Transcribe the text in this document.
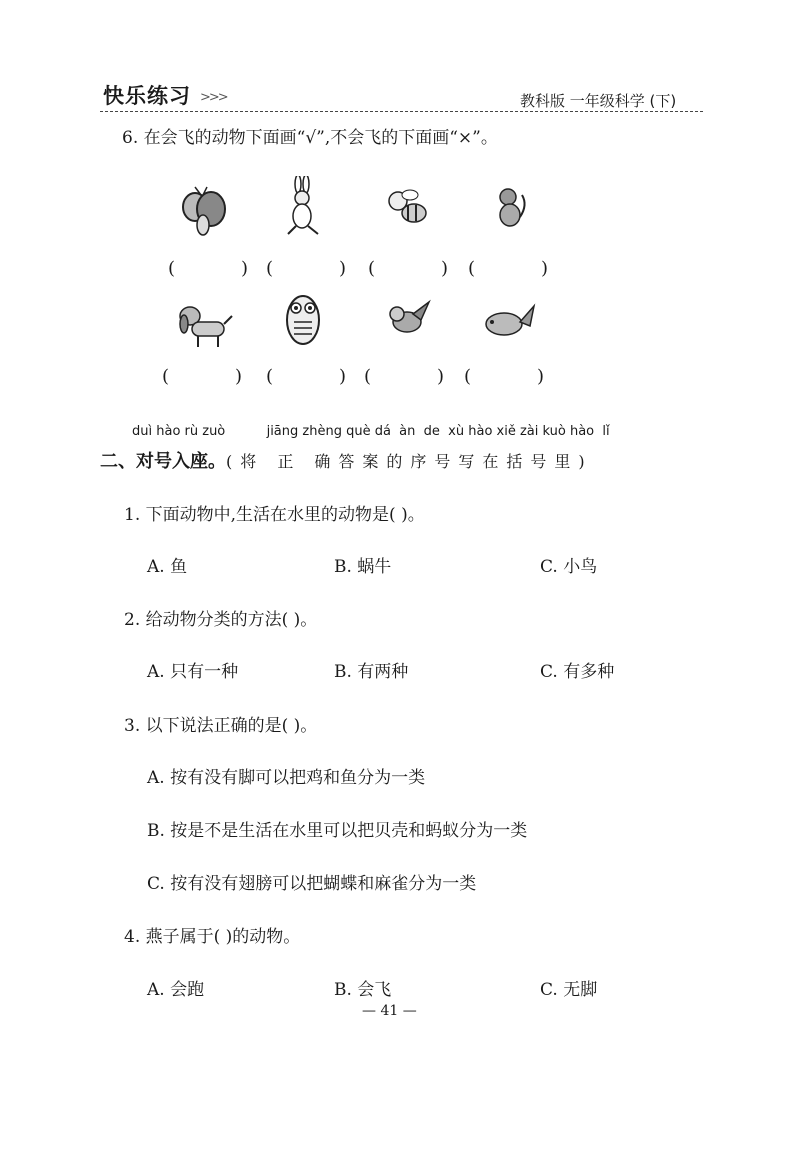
快乐练习 >>>	教科版 一年级科学 (下)
6. 在会飞的动物下面画“√”,不会飞的下面画“×”。
(	) (	) (	) (	)
(	) (	) (	) (	)
duì hào rù zuò          jiāng zhèng què dá  àn  de  xù hào xiě zài kuò hào  lǐ
二、对号入座。(将 正 确答案的序号写在括号里)
1. 下面动物中,生活在水里的动物是( )。
A. 鱼	B. 蜗牛	C. 小鸟
2. 给动物分类的方法( )。
A. 只有一种	B. 有两种	C. 有多种
3. 以下说法正确的是( )。
A. 按有没有脚可以把鸡和鱼分为一类
B. 按是不是生活在水里可以把贝壳和蚂蚁分为一类
C. 按有没有翅膀可以把蝴蝶和麻雀分为一类
4. 燕子属于( )的动物。
A. 会跑	B. 会飞	C. 无脚
— 41 —
